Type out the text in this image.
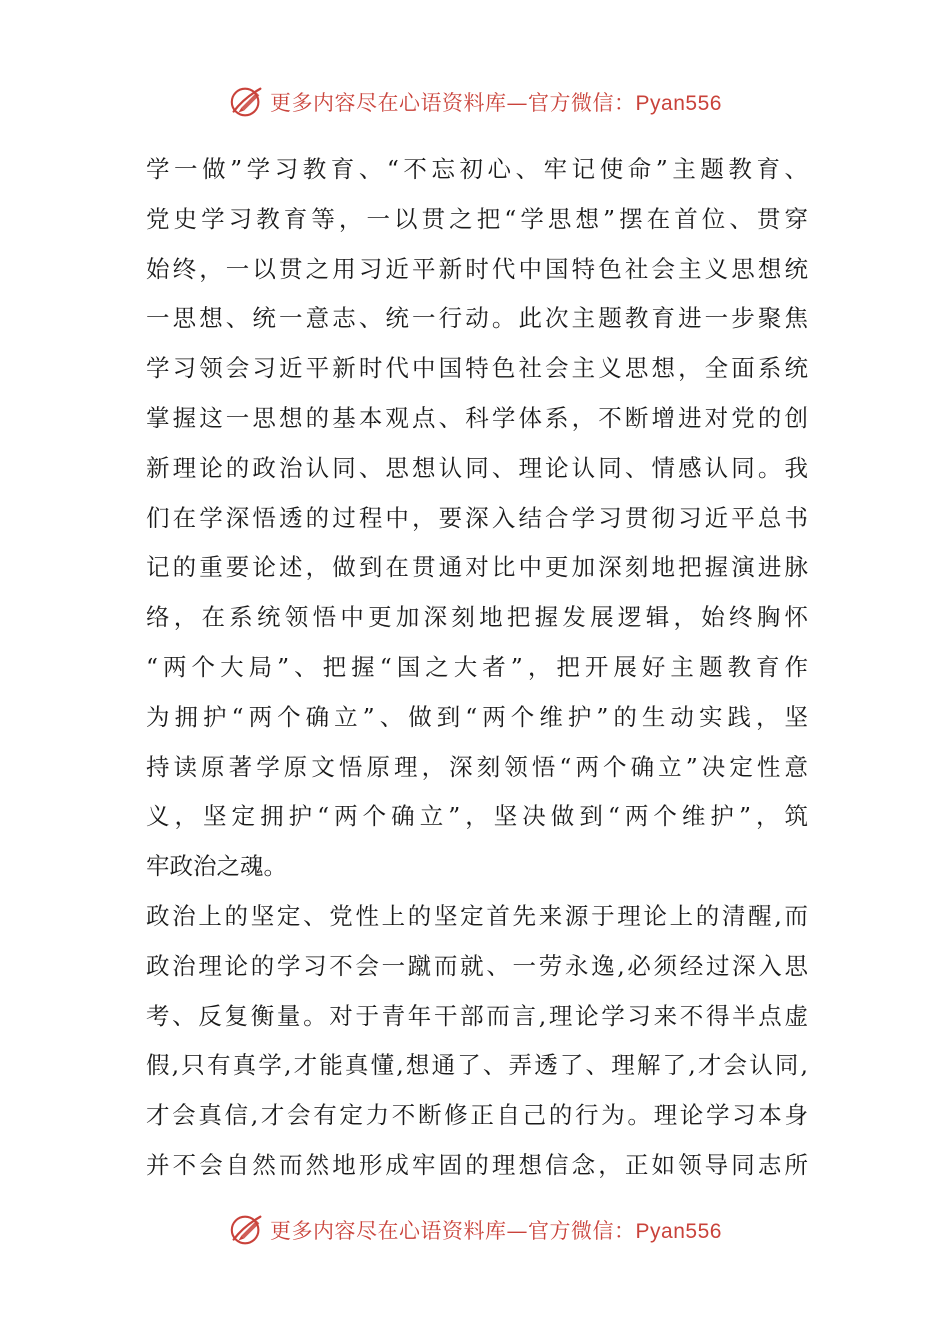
更多内容尽在心语资料库—官方微信：Pyan556
学一做”学习教育、“不忘初心、牢记使命”主题教育、
党史学习教育等，一以贯之把“学思想”摆在首位、贯穿
始终，一以贯之用习近平新时代中国特色社会主义思想统
一思想、统一意志、统一行动。此次主题教育进一步聚焦
学习领会习近平新时代中国特色社会主义思想，全面系统
掌握这一思想的基本观点、科学体系，不断增进对党的创
新理论的政治认同、思想认同、理论认同、情感认同。我
们在学深悟透的过程中，要深入结合学习贯彻习近平总书
记的重要论述，做到在贯通对比中更加深刻地把握演进脉
络，在系统领悟中更加深刻地把握发展逻辑，始终胸怀
“两个大局”、把握“国之大者”，把开展好主题教育作
为拥护“两个确立”、做到“两个维护”的生动实践，坚
持读原著学原文悟原理，深刻领悟“两个确立”决定性意
义，坚定拥护“两个确立”，坚决做到“两个维护”，筑
牢政治之魂。
政治上的坚定、党性上的坚定首先来源于理论上的清醒,而
政治理论的学习不会一蹴而就、一劳永逸,必须经过深入思
考、反复衡量。对于青年干部而言,理论学习来不得半点虚
假,只有真学,才能真懂,想通了、弄透了、理解了,才会认同,
才会真信,才会有定力不断修正自己的行为。理论学习本身
并不会自然而然地形成牢固的理想信念，正如领导同志所
更多内容尽在心语资料库—官方微信：Pyan556
